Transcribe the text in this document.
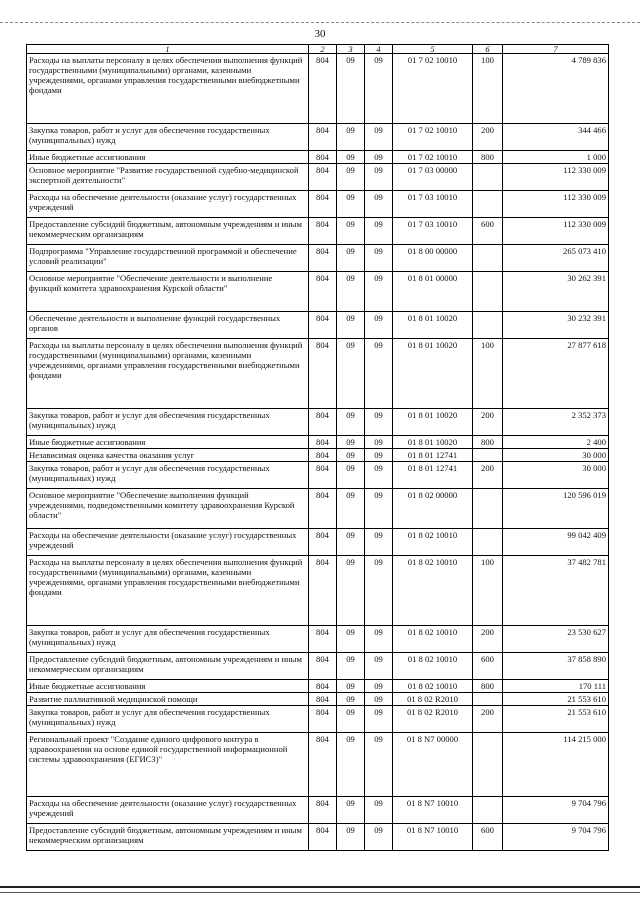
30
1	2	3	4	5	6	7
Расходы на выплаты персоналу в целях обеспечения выполнения функций государственными (муниципальными) органами, казенными учреждениями, органами управления государственными внебюджетными фондами	804	09	09	01 7 02 10010	100	4 789 836
Закупка товаров, работ и услуг для обеспечения государственных (муниципальных) нужд	804	09	09	01 7 02 10010	200	344 466
Иные бюджетные ассигнования	804	09	09	01 7 02 10010	800	1 000
Основное мероприятие "Развитие государственной судебно-медицинской экспертной деятельности"	804	09	09	01 7 03 00000		112 330 009
Расходы на обеспечение деятельности (оказание услуг) государственных учреждений	804	09	09	01 7 03 10010		112 330 009
Предоставление субсидий бюджетным, автономным учреждениям и иным некоммерческим организациям	804	09	09	01 7 03 10010	600	112 330 009
Подпрограмма "Управление государственной программой и обеспечение условий реализации"	804	09	09	01 8 00 00000		265 073 410
Основное мероприятие "Обеспечение деятельности и выполнение функций комитета здравоохранения Курской области"	804	09	09	01 8 01 00000		30 262 391
Обеспечение деятельности и выполнение функций государственных органов	804	09	09	01 8 01 10020		30 232 391
Расходы на выплаты персоналу в целях обеспечения выполнения функций государственными (муниципальными) органами, казенными учреждениями, органами управления государственными внебюджетными фондами	804	09	09	01 8 01 10020	100	27 877 618
Закупка товаров, работ и услуг для обеспечения государственных (муниципальных) нужд	804	09	09	01 8 01 10020	200	2 352 373
Иные бюджетные ассигнования	804	09	09	01 8 01 10020	800	2 400
Независимая оценка качества оказания услуг	804	09	09	01 8 01 12741		30 000
Закупка товаров, работ и услуг для обеспечения государственных (муниципальных) нужд	804	09	09	01 8 01 12741	200	30 000
Основное мероприятие "Обеспечение выполнения функций учреждениями, подведомственными комитету здравоохранения Курской области"	804	09	09	01 8 02 00000		120 596 019
Расходы на обеспечение деятельности (оказание услуг) государственных учреждений	804	09	09	01 8 02 10010		99 042 409
Расходы на выплаты персоналу в целях обеспечения выполнения функций государственными (муниципальными) органами, казенными учреждениями, органами управления государственными внебюджетными фондами	804	09	09	01 8 02 10010	100	37 482 781
Закупка товаров, работ и услуг для обеспечения государственных (муниципальных) нужд	804	09	09	01 8 02 10010	200	23 530 627
Предоставление субсидий бюджетным, автономным учреждениям и иным некоммерческим организациям	804	09	09	01 8 02 10010	600	37 858 890
Иные бюджетные ассигнования	804	09	09	01 8 02 10010	800	170 111
Развитие паллиативной медицинской помощи	804	09	09	01 8 02 R2010		21 553 610
Закупка товаров, работ и услуг для обеспечения государственных (муниципальных) нужд	804	09	09	01 8 02 R2010	200	21 553 610
Региональный проект "Создание единого цифрового контура в здравоохранении на основе единой государственной информационной системы здравоохранения (ЕГИСЗ)"	804	09	09	01 8 N7 00000		114 215 000
Расходы на обеспечение деятельности (оказание услуг) государственных учреждений	804	09	09	01 8 N7 10010		9 704 796
Предоставление субсидий бюджетным, автономным учреждениям и иным некоммерческим организациям	804	09	09	01 8 N7 10010	600	9 704 796
